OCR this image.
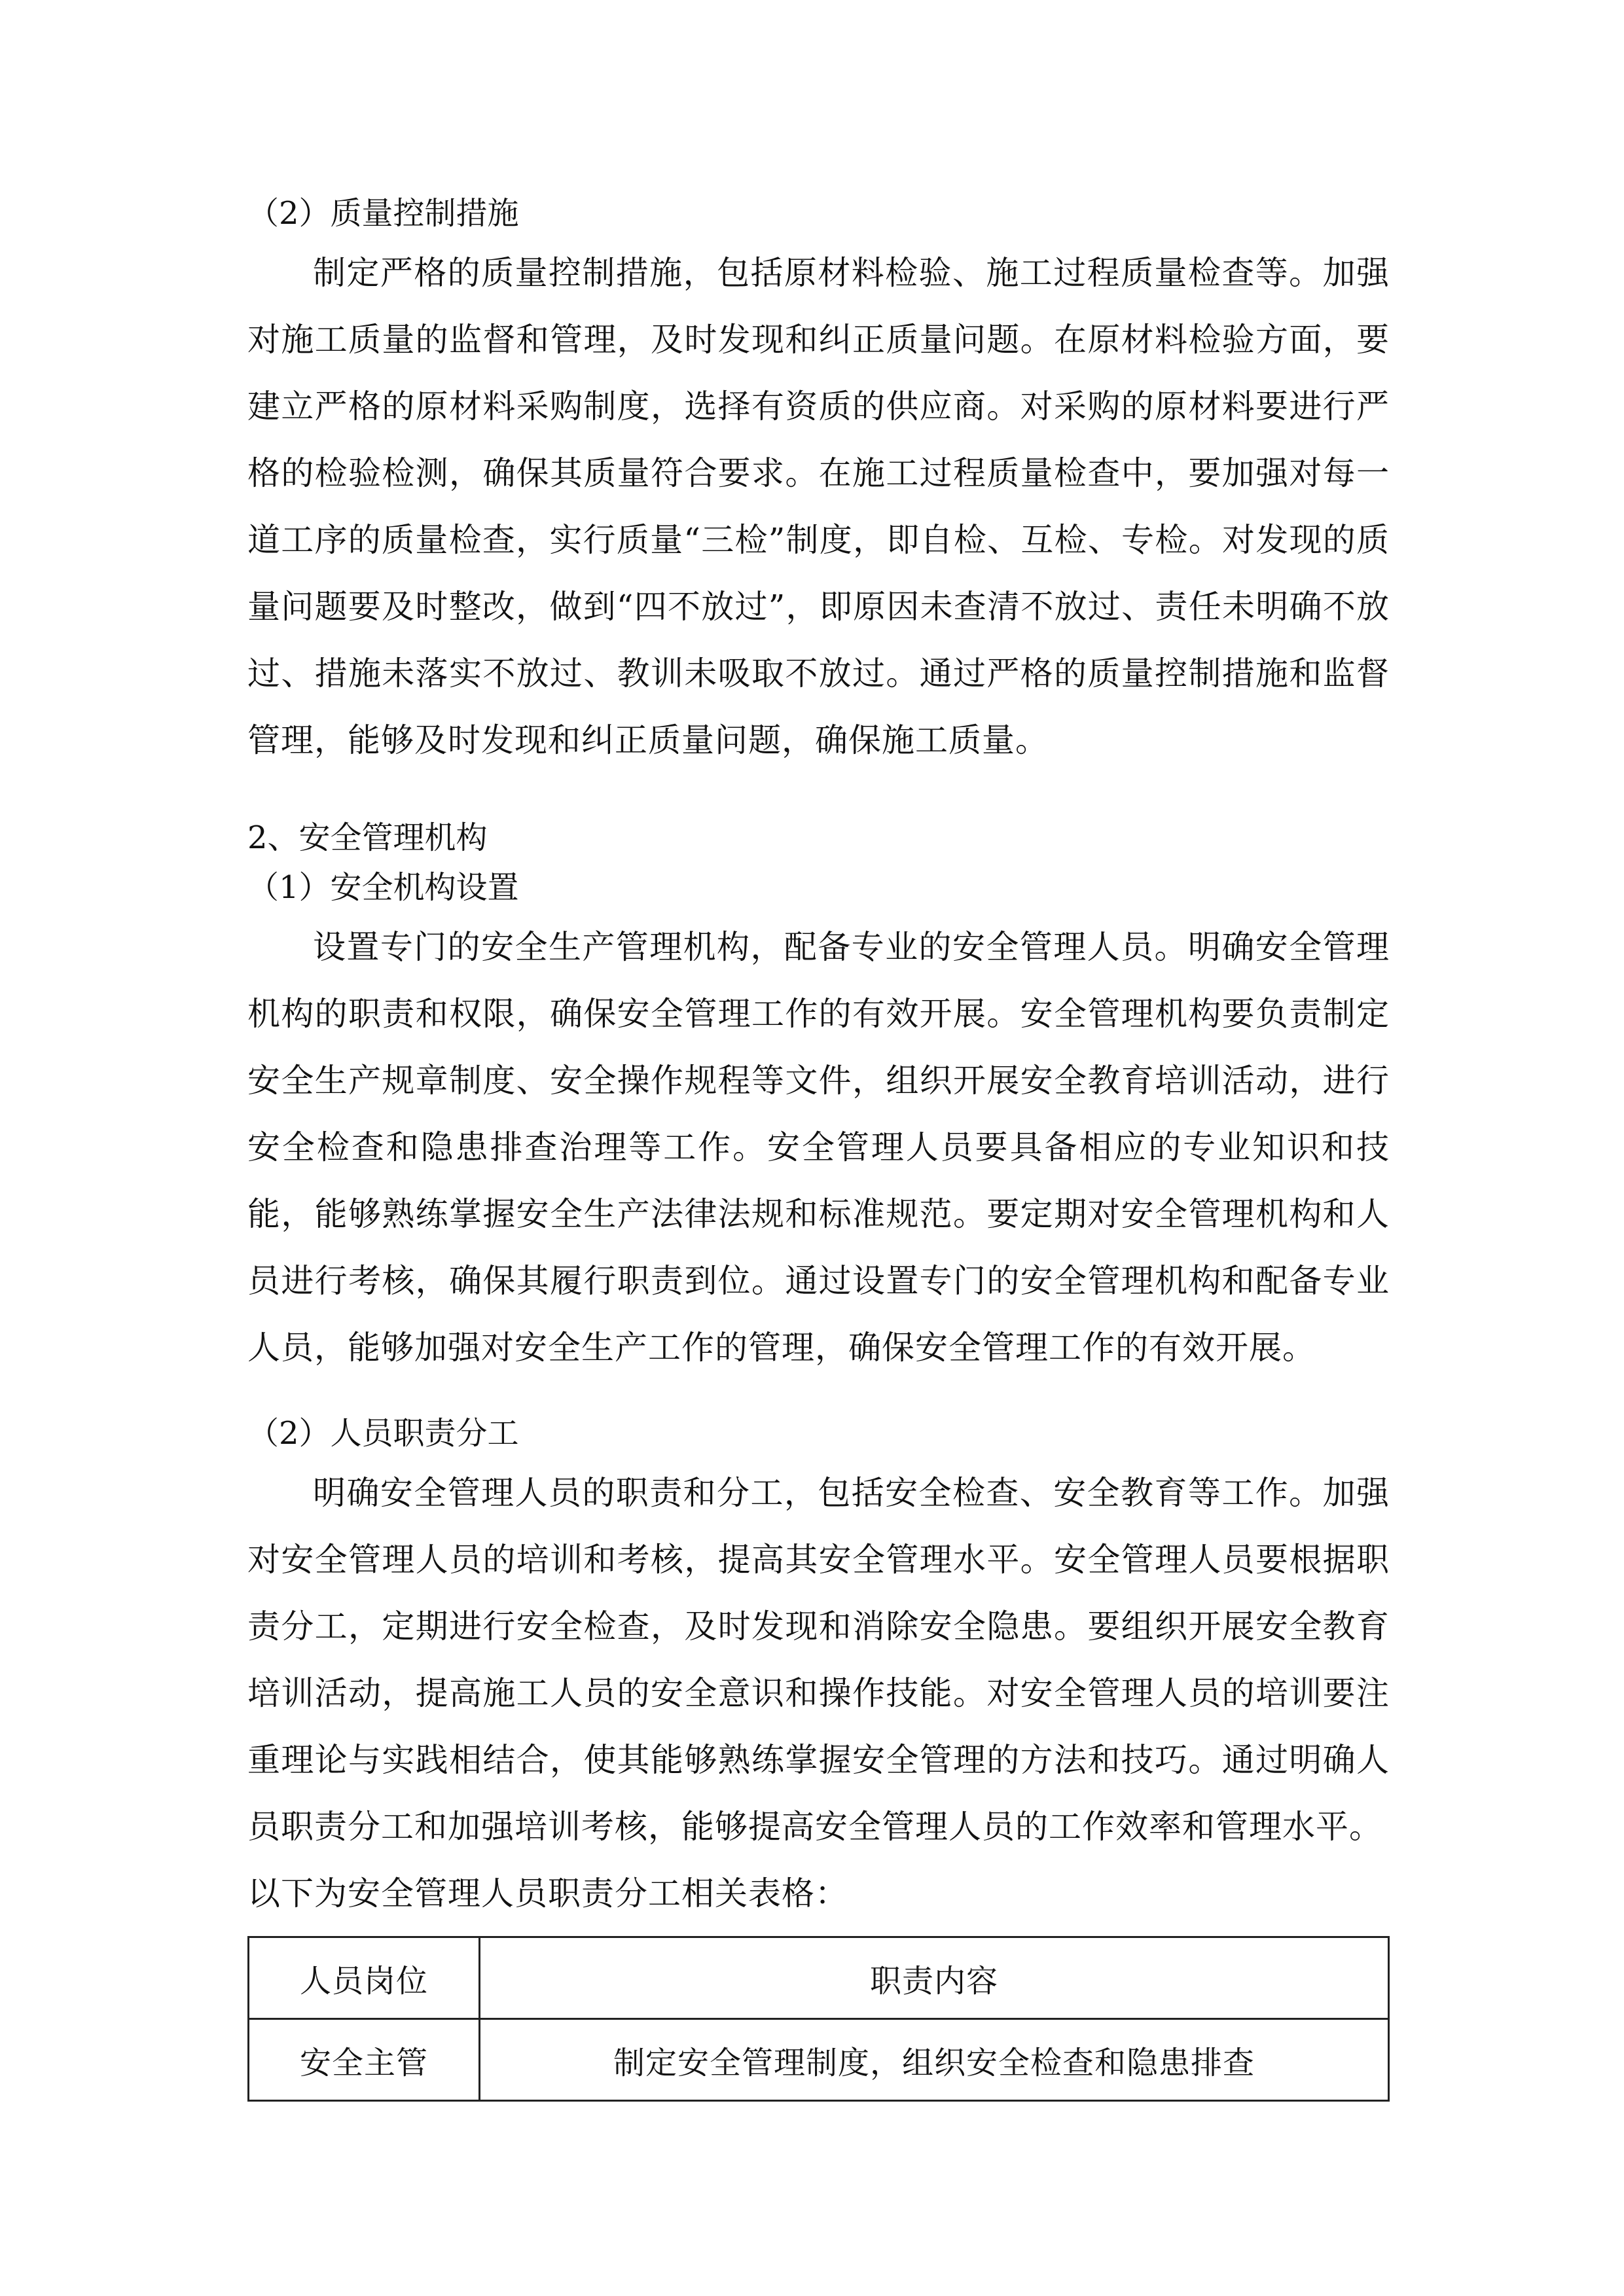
（2）质量控制措施

制定严格的质量控制措施，包括原材料检验、施工过程质量检查等。加强对施工质量的监督和管理，及时发现和纠正质量问题。在原材料检验方面，要建立严格的原材料采购制度，选择有资质的供应商。对采购的原材料要进行严格的检验检测，确保其质量符合要求。在施工过程质量检查中，要加强对每一道工序的质量检查，实行质量“三检”制度，即自检、互检、专检。对发现的质量问题要及时整改，做到“四不放过”，即原因未查清不放过、责任未明确不放过、措施未落实不放过、教训未吸取不放过。通过严格的质量控制措施和监督管理，能够及时发现和纠正质量问题，确保施工质量。

2、安全管理机构

（1）安全机构设置

设置专门的安全生产管理机构，配备专业的安全管理人员。明确安全管理机构的职责和权限，确保安全管理工作的有效开展。安全管理机构要负责制定安全生产规章制度、安全操作规程等文件，组织开展安全教育培训活动，进行安全检查和隐患排查治理等工作。安全管理人员要具备相应的专业知识和技能，能够熟练掌握安全生产法律法规和标准规范。要定期对安全管理机构和人员进行考核，确保其履行职责到位。通过设置专门的安全管理机构和配备专业人员，能够加强对安全生产工作的管理，确保安全管理工作的有效开展。

（2）人员职责分工

明确安全管理人员的职责和分工，包括安全检查、安全教育等工作。加强对安全管理人员的培训和考核，提高其安全管理水平。安全管理人员要根据职责分工，定期进行安全检查，及时发现和消除安全隐患。要组织开展安全教育培训活动，提高施工人员的安全意识和操作技能。对安全管理人员的培训要注重理论与实践相结合，使其能够熟练掌握安全管理的方法和技巧。通过明确人员职责分工和加强培训考核，能够提高安全管理人员的工作效率和管理水平。

以下为安全管理人员职责分工相关表格：

人员岗位	职责内容
安全主管	制定安全管理制度，组织安全检查和隐患排查
